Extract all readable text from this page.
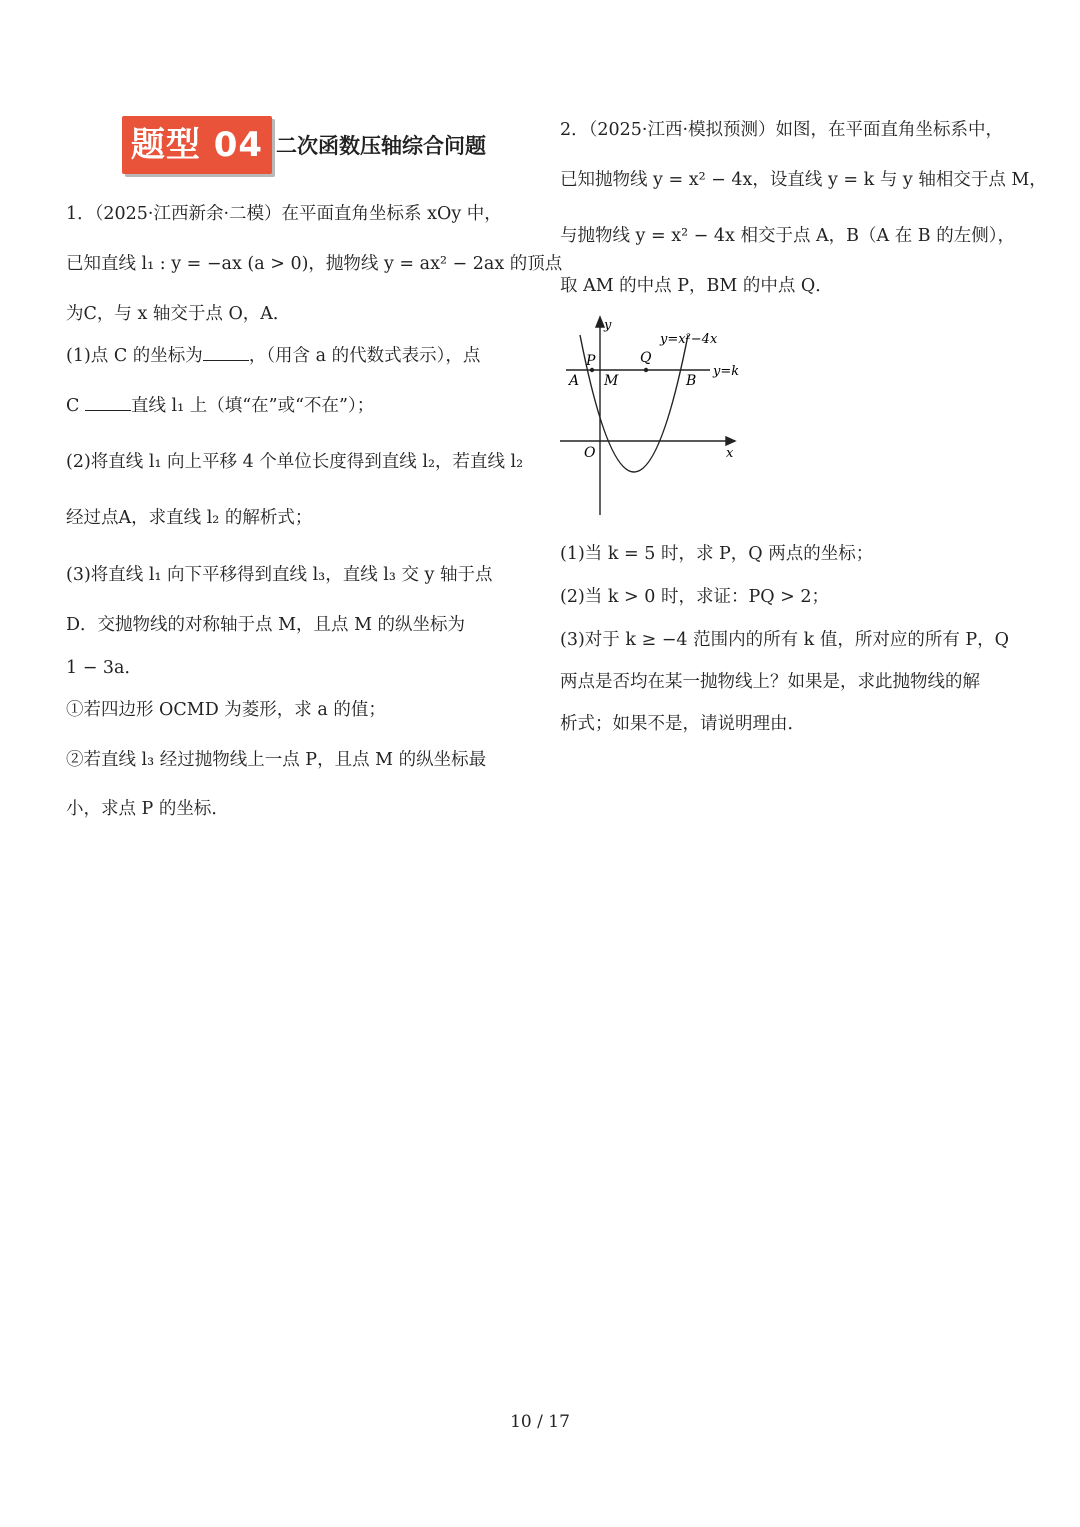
题型 04 二次函数压轴综合问题
1．（2025·江西新余·二模）在平面直角坐标系 xOy 中，
已知直线 l₁ : y = −ax (a > 0)，抛物线 y = ax² − 2ax 的顶点
为C，与 x 轴交于点 O，A．
(1)点 C 的坐标为	，（用含 a 的代数式表示），点
C	直线 l₁ 上（填“在”或“不在”）；
(2)将直线 l₁ 向上平移 4 个单位长度得到直线 l₂，若直线 l₂
经过点A，求直线 l₂ 的解析式；
(3)将直线 l₁ 向下平移得到直线 l₃，直线 l₃ 交 y 轴于点
D．交抛物线的对称轴于点 M，且点 M 的纵坐标为
1 − 3a．
①若四边形 OCMD 为菱形，求 a 的值；
②若直线 l₃ 经过抛物线上一点 P，且点 M 的纵坐标最
小，求点 P 的坐标．
2．（2025·江西·模拟预测）如图，在平面直角坐标系中，
已知抛物线 y = x² − 4x，设直线 y = k 与 y 轴相交于点 M，
与抛物线 y = x² − 4x 相交于点 A，B（A 在 B 的左侧），
取 AM 的中点 P，BM 的中点 Q．
y
x
O
P	Q
A M	B
y=x²−4x
y=k
(1)当 k = 5 时，求 P，Q 两点的坐标；
(2)当 k > 0 时，求证：PQ > 2；
(3)对于 k ≥ −4 范围内的所有 k 值，所对应的所有 P，Q
两点是否均在某一抛物线上？如果是，求此抛物线的解
析式；如果不是，请说明理由．
10 / 17
